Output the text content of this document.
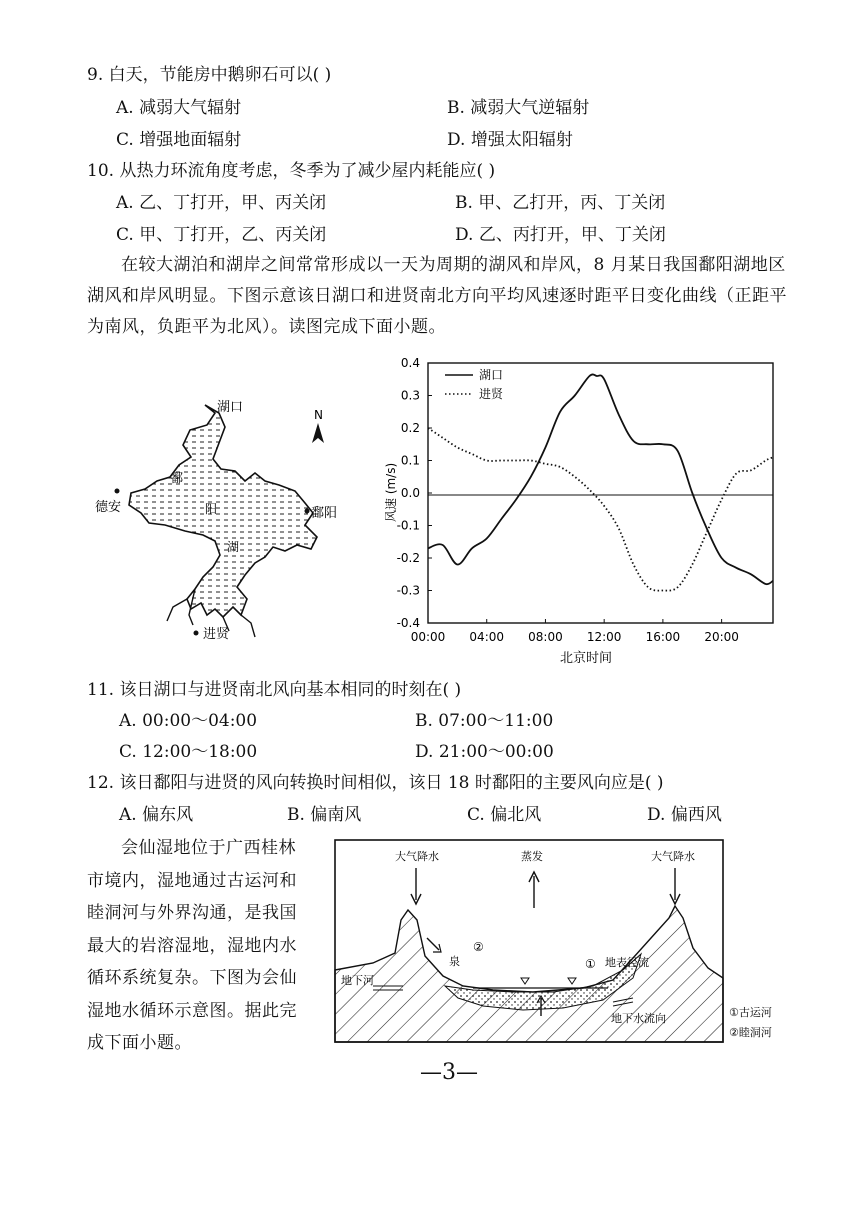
9. 白天，节能房中鹅卵石可以( )
A. 减弱大气辐射	B. 减弱大气逆辐射
C. 增强地面辐射	D. 增强太阳辐射
10. 从热力环流角度考虑，冬季为了减少屋内耗能应( )
A. 乙、丁打开，甲、丙关闭	B. 甲、乙打开，丙、丁关闭
C. 甲、丁打开，乙、丙关闭	D. 乙、丙打开，甲、丁关闭
在较大湖泊和湖岸之间常常形成以一天为周期的湖风和岸风，8 月某日我国鄱阳湖地区湖风和岸风明显。下图示意该日湖口和进贤南北方向平均风速逐时距平日变化曲线（正距平为南风，负距平为北风）。读图完成下面小题。
湖口
鄱
阳
湖
德安	鄱阳
进贤
N
0.4
0.3
0.2
0.1
0.0
-0.1
-0.2
-0.3
-0.4
00:00 04:00 08:00 12:00 16:00 20:00
风速 (m/s)
北京时间
湖口
进贤
11. 该日湖口与进贤南北风向基本相同的时刻在( )
A. 00:00～04:00	B. 07:00～11:00
C. 12:00～18:00	D. 21:00～00:00
12. 该日鄱阳与进贤的风向转换时间相似，该日 18 时鄱阳的主要风向应是( )
A. 偏东风	B. 偏南风	C. 偏北风	D. 偏西风
会仙湿地位于广西桂林市境内，湿地通过古运河和睦洞河与外界沟通，是我国最大的岩溶湿地，湿地内水循环系统复杂。下图为会仙湿地水循环示意图。据此完成下面小题。
大气降水	蒸发	大气降水
泉
②
① 地表径流
地下河
地下水流向	①古运河
②睦洞河
—3—
